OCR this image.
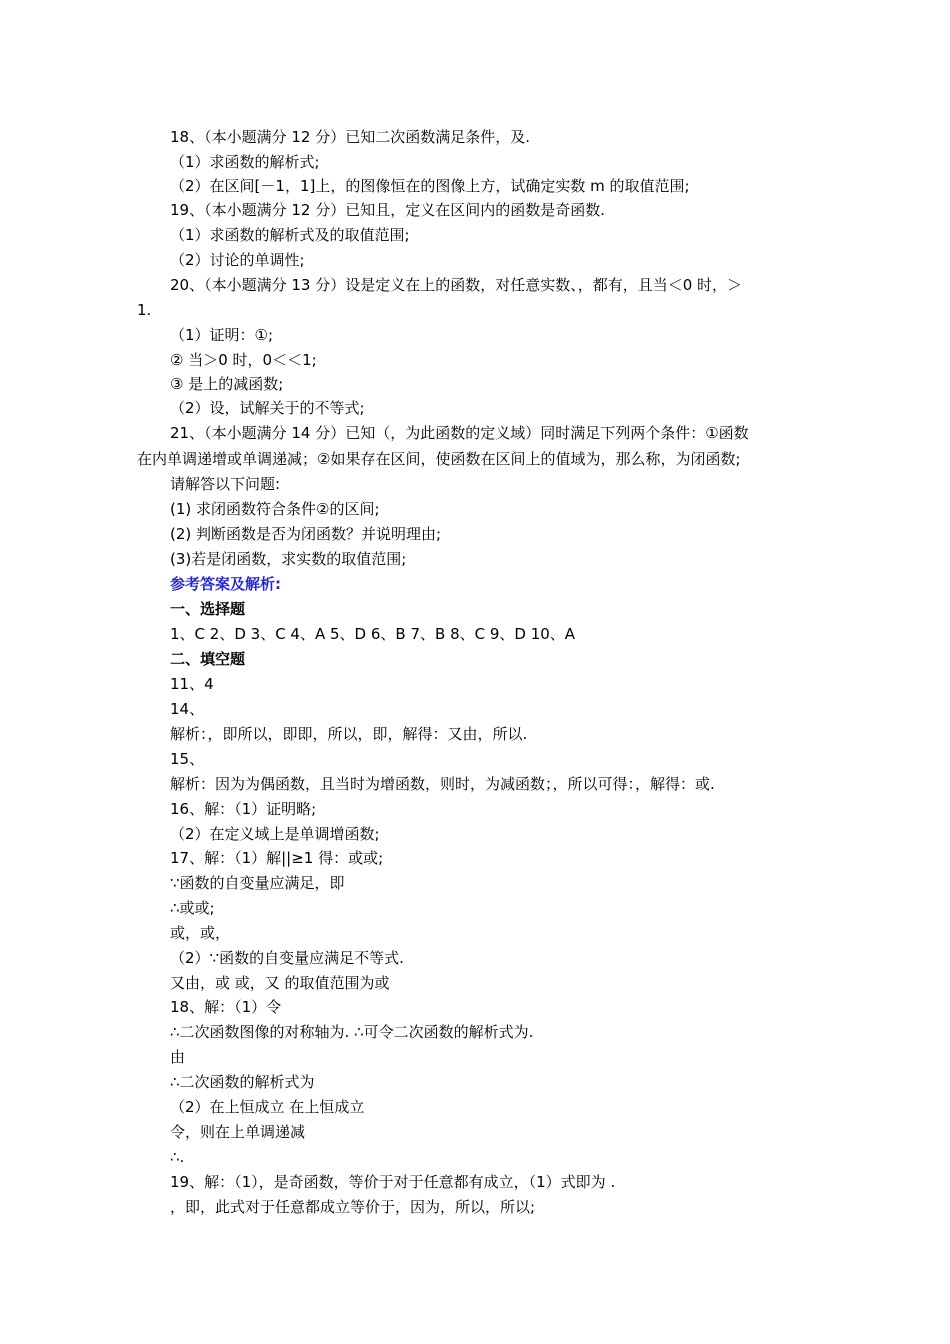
18、（本小题满分 12 分）已知二次函数满足条件，及.
（1）求函数的解析式;
（2）在区间[－1，1]上，的图像恒在的图像上方，试确定实数 m 的取值范围;
19、（本小题满分 12 分）已知且，定义在区间内的函数是奇函数.
（1）求函数的解析式及的取值范围;
（2）讨论的单调性;
20、（本小题满分 13 分）设是定义在上的函数，对任意实数、，都有，且当＜0 时，＞
1.
（1）证明：①;
② 当＞0 时，0＜＜1;
③ 是上的减函数;
（2）设，试解关于的不等式;
21、（本小题满分 14 分）已知（，为此函数的定义域）同时满足下列两个条件：①函数
在内单调递增或单调递减；②如果存在区间，使函数在区间上的值域为，那么称，为闭函数;
请解答以下问题:
(1) 求闭函数符合条件②的区间;
(2) 判断函数是否为闭函数？并说明理由;
(3)若是闭函数，求实数的取值范围;
参考答案及解析:
一、选择题
1、C 2、D 3、C 4、A 5、D 6、B 7、B 8、C 9、D 10、A
二、填空题
11、4
14、
解析：，即所以，即即，所以，即，解得：又由，所以.
15、
解析：因为为偶函数，且当时为增函数，则时，为减函数；，所以可得：，解得：或.
16、解：（1）证明略;
（2）在定义域上是单调增函数;
17、解：（1）解||≥1 得：或或;
∵函数的自变量应满足，即
∴或或;
或，或，
（2）∵函数的自变量应满足不等式.
又由，或 或，又 的取值范围为或
18、解：（1）令
∴二次函数图像的对称轴为. ∴可令二次函数的解析式为.
由
∴二次函数的解析式为
（2）在上恒成立 在上恒成立
令，则在上单调递减
∴.
19、解：（1），是奇函数，等价于对于任意都有成立，（1）式即为 .
，即，此式对于任意都成立等价于，因为，所以，所以;
